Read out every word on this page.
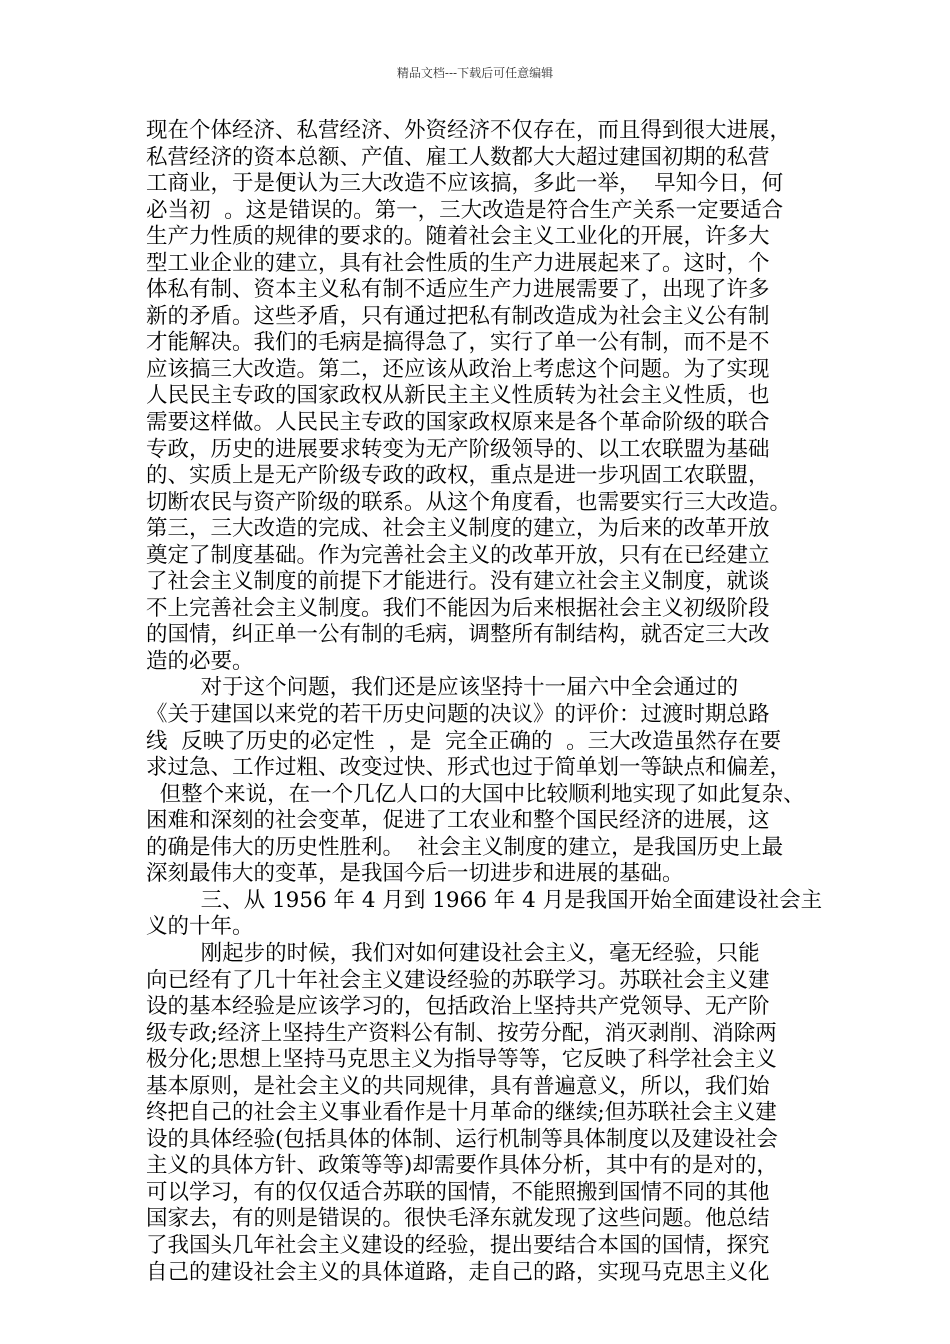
精品文档---下载后可任意编辑
现在个体经济、私营经济、外资经济不仅存在，而且得到很大进展，
私营经济的资本总额、产值、雇工人数都大大超过建国初期的私营
工商业，于是便认为三大改造不应该搞，多此一举，  早知今日，何
必当初  。这是错误的。第一，三大改造是符合生产关系一定要适合
生产力性质的规律的要求的。随着社会主义工业化的开展，许多大
型工业企业的建立，具有社会性质的生产力进展起来了。这时，个
体私有制、资本主义私有制不适应生产力进展需要了，出现了许多
新的矛盾。这些矛盾，只有通过把私有制改造成为社会主义公有制
才能解决。我们的毛病是搞得急了，实行了单一公有制，而不是不
应该搞三大改造。第二，还应该从政治上考虑这个问题。为了实现
人民民主专政的国家政权从新民主主义性质转为社会主义性质，也
需要这样做。人民民主专政的国家政权原来是各个革命阶级的联合
专政，历史的进展要求转变为无产阶级领导的、以工农联盟为基础
的、实质上是无产阶级专政的政权，重点是进一步巩固工农联盟，
切断农民与资产阶级的联系。从这个角度看，也需要实行三大改造。
第三，三大改造的完成、社会主义制度的建立，为后来的改革开放
奠定了制度基础。作为完善社会主义的改革开放，只有在已经建立
了社会主义制度的前提下才能进行。没有建立社会主义制度，就谈
不上完善社会主义制度。我们不能因为后来根据社会主义初级阶段
的国情，纠正单一公有制的毛病，调整所有制结构，就否定三大改
造的必要。
对于这个问题，我们还是应该坚持十一届六中全会通过的
《关于建国以来党的若干历史问题的决议》的评价：过渡时期总路
线  反映了历史的必定性  ，是  完全正确的  。三大改造虽然存在要
求过急、工作过粗、改变过快、形式也过于简单划一等缺点和偏差，
但整个来说，在一个几亿人口的大国中比较顺利地实现了如此复杂、
困难和深刻的社会变革，促进了工农业和整个国民经济的进展，这
的确是伟大的历史性胜利。  社会主义制度的建立，是我国历史上最
深刻最伟大的变革，是我国今后一切进步和进展的基础。
三、从 1956 年 4 月到 1966 年 4 月是我国开始全面建设社会主
义的十年。
刚起步的时候，我们对如何建设社会主义，毫无经验，只能
向已经有了几十年社会主义建设经验的苏联学习。苏联社会主义建
设的基本经验是应该学习的，包括政治上坚持共产党领导、无产阶
级专政;经济上坚持生产资料公有制、按劳分配，消灭剥削、消除两
极分化;思想上坚持马克思主义为指导等等，它反映了科学社会主义
基本原则，是社会主义的共同规律，具有普遍意义，所以，我们始
终把自己的社会主义事业看作是十月革命的继续;但苏联社会主义建
设的具体经验(包括具体的体制、运行机制等具体制度以及建设社会
主义的具体方针、政策等等)却需要作具体分析，其中有的是对的，
可以学习，有的仅仅适合苏联的国情，不能照搬到国情不同的其他
国家去，有的则是错误的。很快毛泽东就发现了这些问题。他总结
了我国头几年社会主义建设的经验，提出要结合本国的国情，探究
自己的建设社会主义的具体道路，走自己的路，实现马克思主义化
